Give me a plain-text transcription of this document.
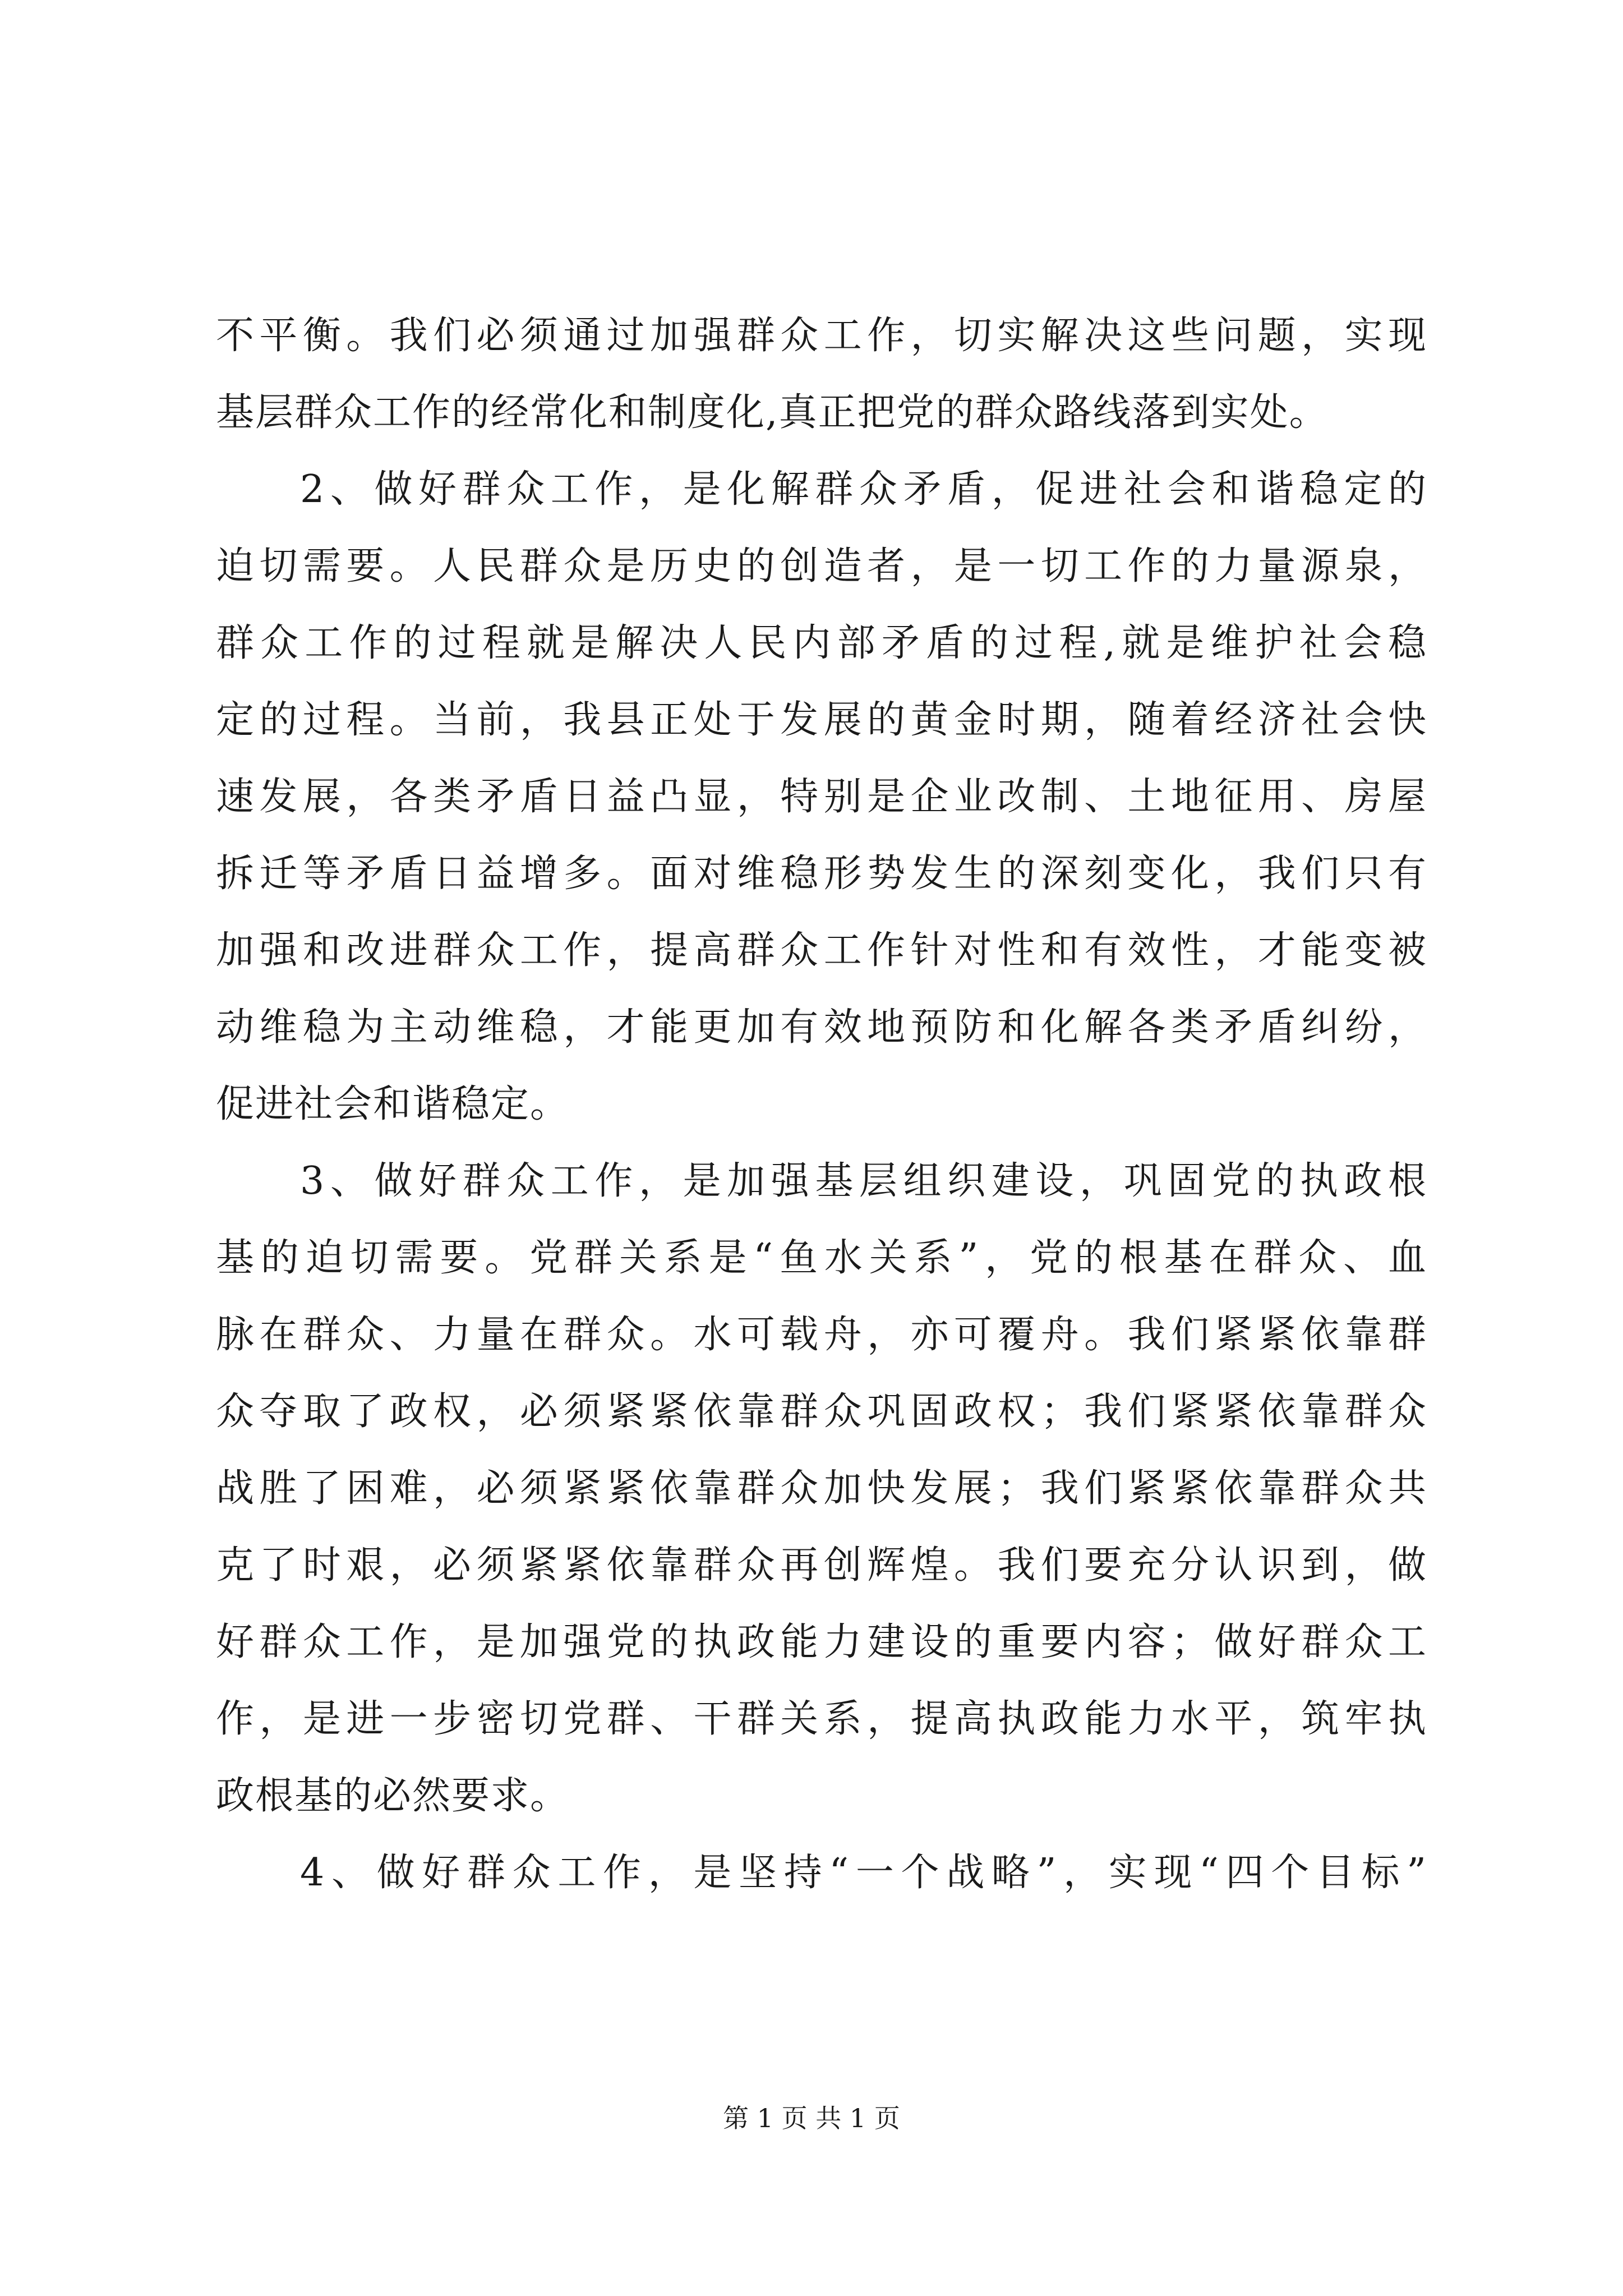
不平衡。我们必须通过加强群众工作，切实解决这些问题，实现
基层群众工作的经常化和制度化,真正把党的群众路线落到实处。
2、做好群众工作，是化解群众矛盾，促进社会和谐稳定的
迫切需要。人民群众是历史的创造者，是一切工作的力量源泉，
群众工作的过程就是解决人民内部矛盾的过程,就是维护社会稳
定的过程。当前，我县正处于发展的黄金时期，随着经济社会快
速发展，各类矛盾日益凸显，特别是企业改制、土地征用、房屋
拆迁等矛盾日益增多。面对维稳形势发生的深刻变化，我们只有
加强和改进群众工作，提高群众工作针对性和有效性，才能变被
动维稳为主动维稳，才能更加有效地预防和化解各类矛盾纠纷，
促进社会和谐稳定。
3、做好群众工作，是加强基层组织建设，巩固党的执政根
基的迫切需要。党群关系是“鱼水关系”，党的根基在群众、血
脉在群众、力量在群众。水可载舟，亦可覆舟。我们紧紧依靠群
众夺取了政权，必须紧紧依靠群众巩固政权；我们紧紧依靠群众
战胜了困难，必须紧紧依靠群众加快发展；我们紧紧依靠群众共
克了时艰，必须紧紧依靠群众再创辉煌。我们要充分认识到，做
好群众工作，是加强党的执政能力建设的重要内容；做好群众工
作，是进一步密切党群、干群关系，提高执政能力水平，筑牢执
政根基的必然要求。
4、做好群众工作，是坚持“一个战略”，实现“四个目标”
第 1 页 共 1 页
